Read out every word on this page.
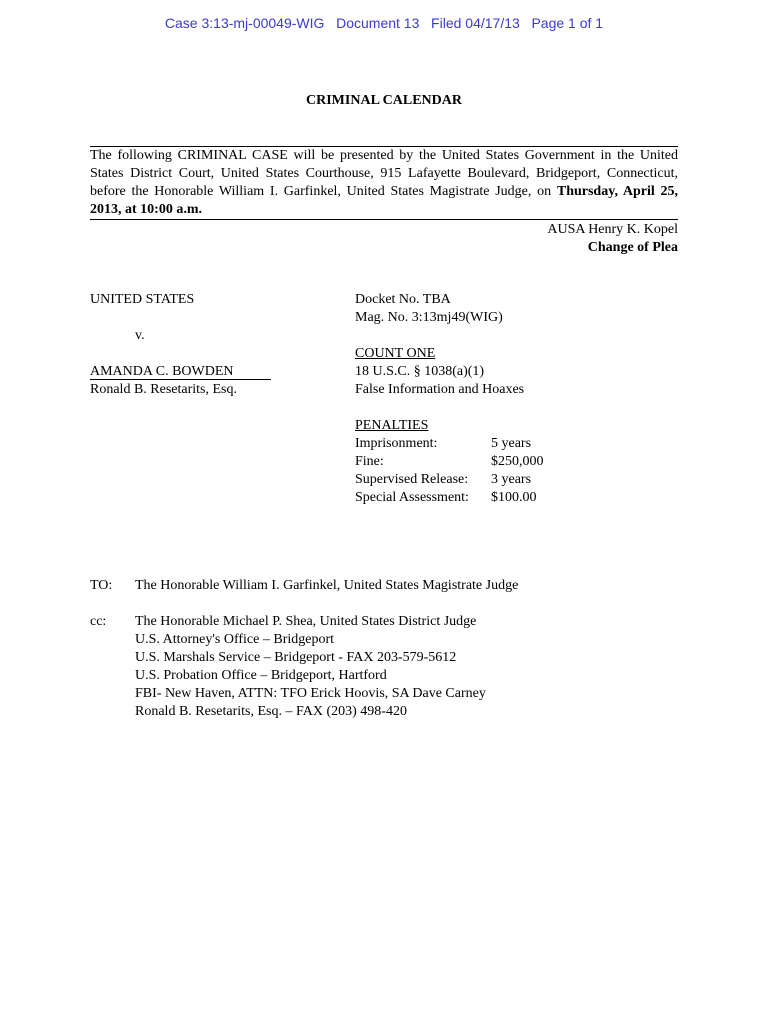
Case 3:13-mj-00049-WIG Document 13 Filed 04/17/13 Page 1 of 1
CRIMINAL CALENDAR
The following CRIMINAL CASE will be presented by the United States Government in the United States District Court, United States Courthouse, 915 Lafayette Boulevard, Bridgeport, Connecticut, before the Honorable William I. Garfinkel, United States Magistrate Judge, on Thursday, April 25, 2013, at 10:00 a.m.
AUSA Henry K. Kopel
Change of Plea
UNITED STATES
v.
AMANDA C. BOWDEN
Ronald B. Resetarits, Esq.
Docket No. TBA
Mag. No. 3:13mj49(WIG)
COUNT ONE
18 U.S.C. § 1038(a)(1)
False Information and Hoaxes
PENALTIES
Imprisonment:	5 years
Fine:	$250,000
Supervised Release:	3 years
Special Assessment:	$100.00
TO:	The Honorable William I. Garfinkel, United States Magistrate Judge
cc:	The Honorable Michael P. Shea, United States District Judge
U.S. Attorney's Office – Bridgeport
U.S. Marshals Service – Bridgeport - FAX 203-579-5612
U.S. Probation Office – Bridgeport, Hartford
FBI- New Haven, ATTN: TFO Erick Hoovis, SA Dave Carney
Ronald B. Resetarits, Esq. – FAX (203) 498-420
